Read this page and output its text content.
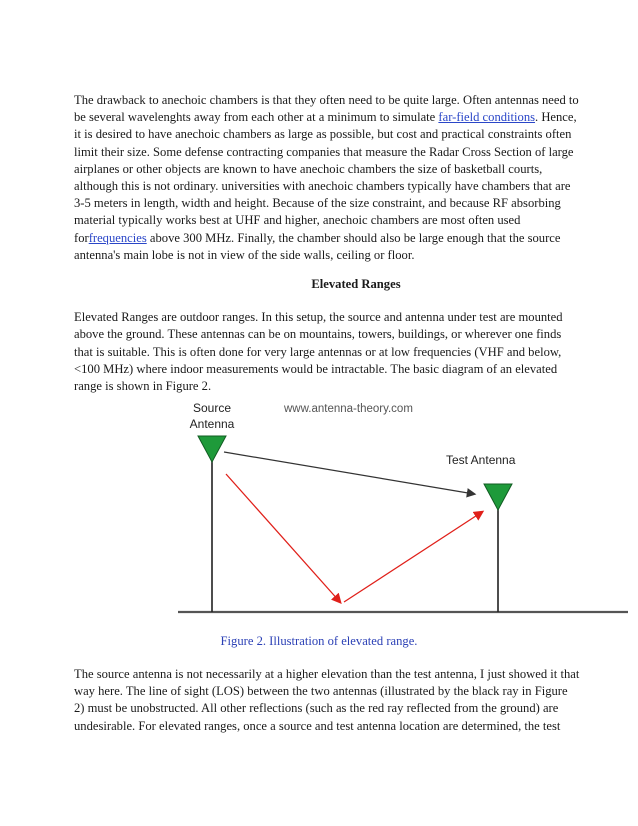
The drawback to anechoic chambers is that they often need to be quite large. Often antennas need to
be several wavelenghts away from each other at a minimum to simulate far-field conditions. Hence,
it is desired to have anechoic chambers as large as possible, but cost and practical constraints often
limit their size. Some defense contracting companies that measure the Radar Cross Section of large
airplanes or other objects are known to have anechoic chambers the size of basketball courts,
although this is not ordinary. universities with anechoic chambers typically have chambers that are
3-5 meters in length, width and height. Because of the size constraint, and because RF absorbing
material typically works best at UHF and higher, anechoic chambers are most often used
forfrequencies above 300 MHz. Finally, the chamber should also be large enough that the source
antenna's main lobe is not in view of the side walls, ceiling or floor.

Elevated Ranges

Elevated Ranges are outdoor ranges. In this setup, the source and antenna under test are mounted
above the ground. These antennas can be on mountains, towers, buildings, or wherever one finds
that is suitable. This is often done for very large antennas or at low frequencies (VHF and below,
<100 MHz) where indoor measurements would be intractable. The basic diagram of an elevated
range is shown in Figure 2.

Source
Antenna
www.antenna-theory.com
Test Antenna
Figure 2. Illustration of elevated range.
The source antenna is not necessarily at a higher elevation than the test antenna, I just showed it that
way here. The line of sight (LOS) between the two antennas (illustrated by the black ray in Figure
2) must be unobstructed. All other reflections (such as the red ray reflected from the ground) are
undesirable. For elevated ranges, once a source and test antenna location are determined, the test
